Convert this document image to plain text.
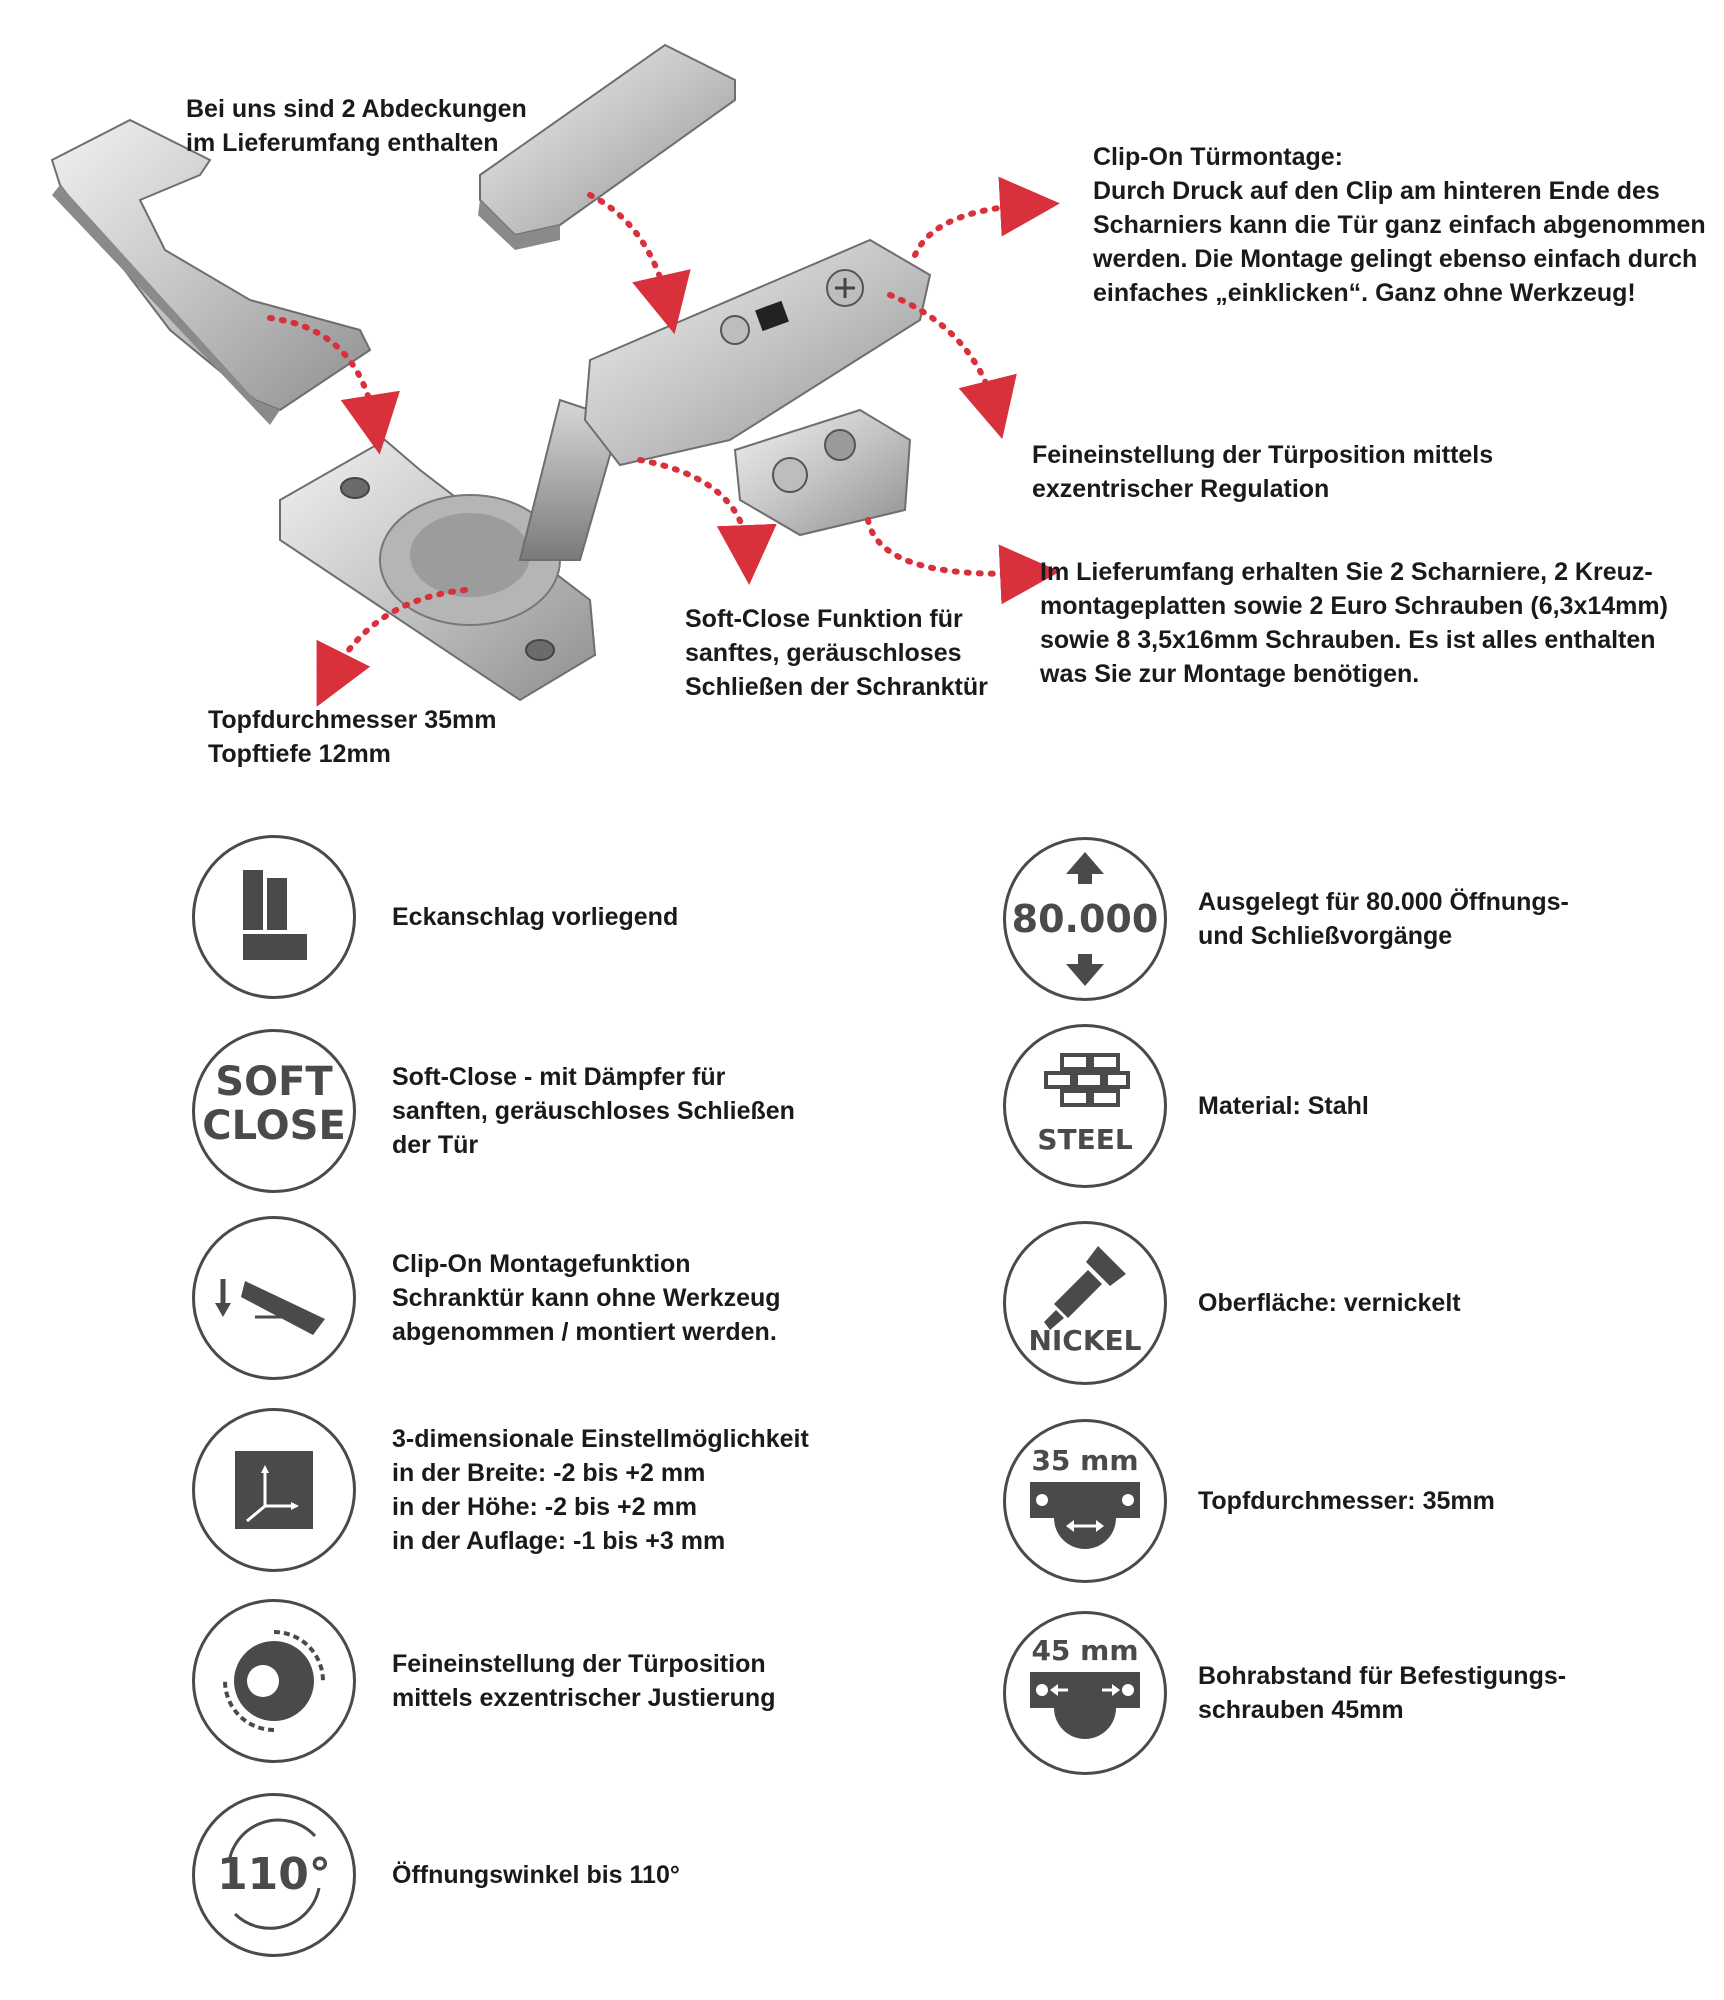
Bei uns sind 2 Abdeckungen
im Lieferumfang enthalten	Clip-On Türmontage:
Durch Druck auf den Clip am hinteren Ende des
Scharniers kann die Tür ganz einfach abgenommen
werden. Die Montage gelingt ebenso einfach durch
einfaches „einklicken“. Ganz ohne Werkzeug!
Feineinstellung der Türposition mittels
exzentrischer Regulation
Im Lieferumfang erhalten Sie 2 Scharniere, 2 Kreuz-
montageplatten sowie 2 Euro Schrauben (6,3x14mm)
sowie 8 3,5x16mm Schrauben. Es ist alles enthalten
was Sie zur Montage benötigen.
Soft-Close Funktion für
sanftes, geräuschloses
Schließen der Schranktür
Topfdurchmesser 35mm
Topftiefe 12mm
Eckanschlag vorliegend
SOFT
CLOSE
Soft-Close - mit Dämpfer für
sanften, geräuschloses Schließen
der Tür
Clip-On Montagefunktion
Schranktür kann ohne Werkzeug
abgenommen / montiert werden.
3-dimensionale Einstellmöglichkeit
in der Breite: -2 bis +2 mm
in der Höhe: -2 bis +2 mm
in der Auflage: -1 bis +3 mm
Feineinstellung der Türposition
mittels exzentrischer Justierung
110°	Öffnungswinkel bis 110°
80.000 Ausgelegt für 80.000 Öffnungs-
und Schließvorgänge
STEEL
Material: Stahl
NICKEL
Oberfläche: vernickelt
35 mm
Topfdurchmesser: 35mm
45 mm
Bohrabstand für Befestigungs-
schrauben 45mm
